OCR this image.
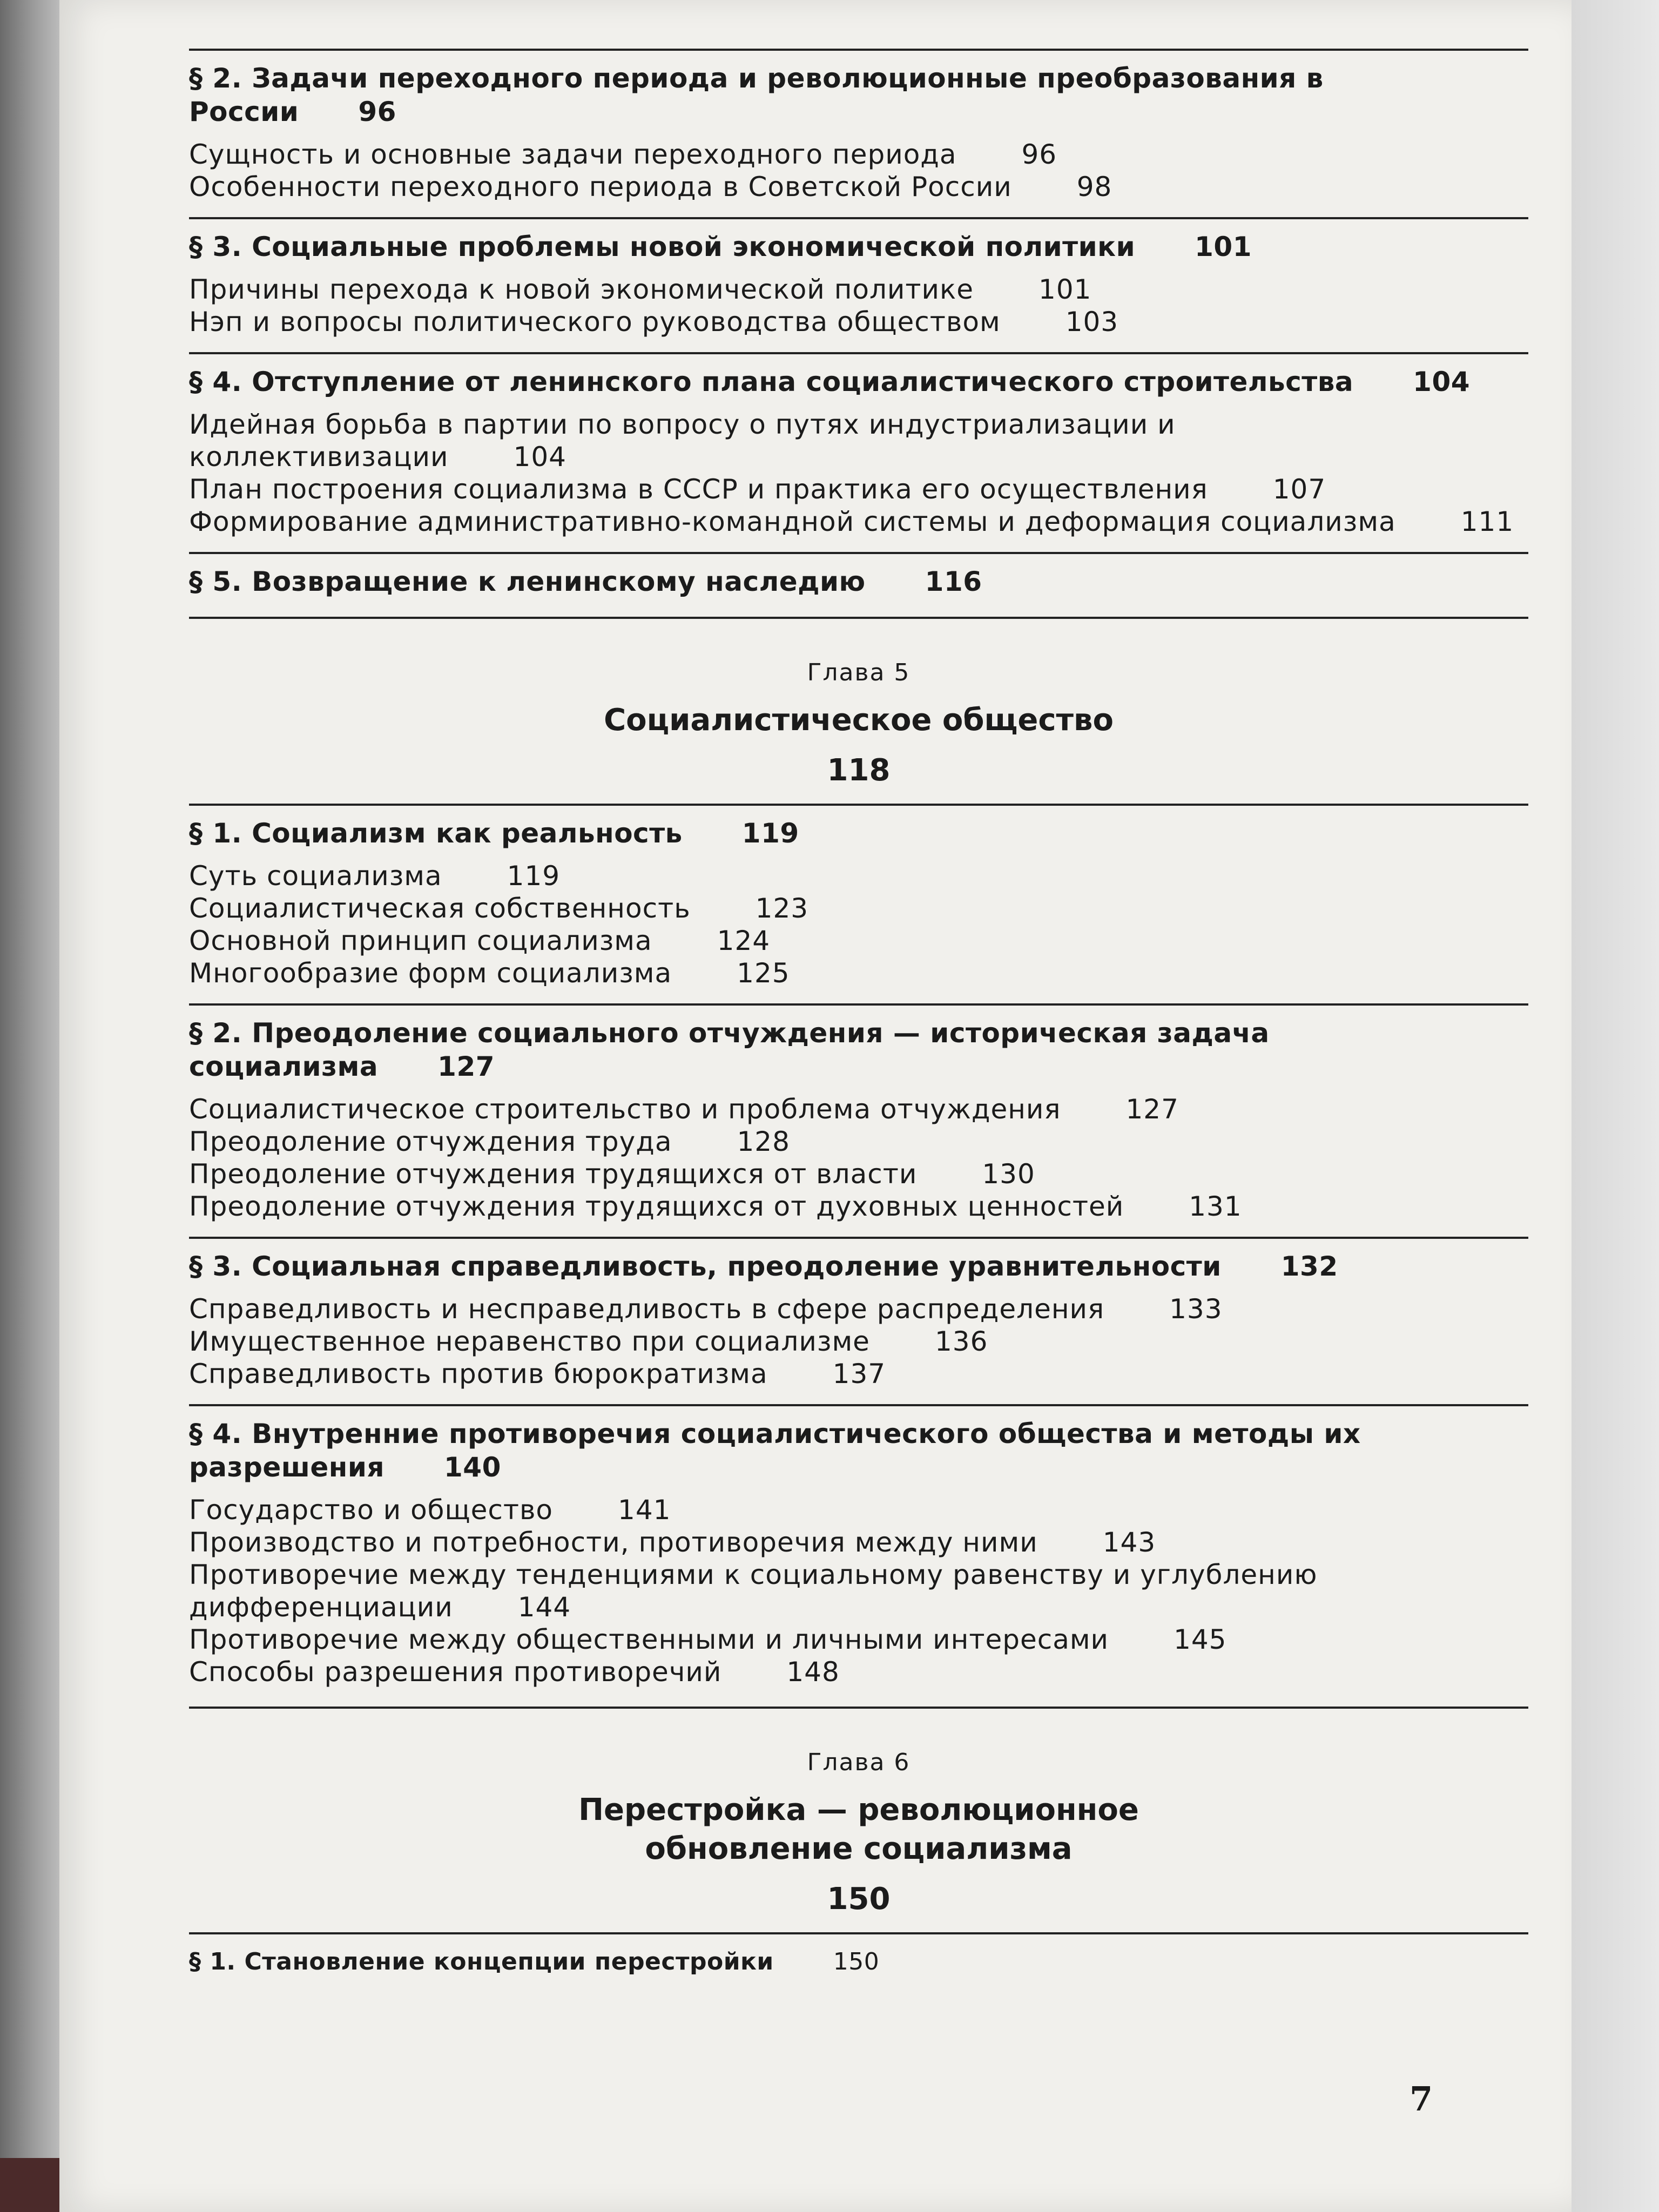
§ 2. Задачи переходного периода и революционные преобразования в России 96

Сущность и основные задачи переходного периода 96

Особенности переходного периода в Советской России 98

§ 3. Социальные проблемы новой экономической политики 101

Причины перехода к новой экономической политике 101

Нэп и вопросы политического руководства обществом 103

§ 4. Отступление от ленинского плана социалистического строительства 104

Идейная борьба в партии по вопросу о путях индустриализации и коллективизации 104

План построения социализма в СССР и практика его осуществления 107

Формирование административно-командной системы и деформация социализма 111

§ 5. Возвращение к ленинскому наследию 116

Глава 5
Социалистическое общество
118

§ 1. Социализм как реальность 119

Суть социализма 119

Социалистическая собственность 123

Основной принцип социализма 124

Многообразие форм социализма 125

§ 2. Преодоление социального отчуждения — историческая задача социализма 127

Социалистическое строительство и проблема отчуждения 127

Преодоление отчуждения труда 128

Преодоление отчуждения трудящихся от власти 130

Преодоление отчуждения трудящихся от духовных ценностей 131

§ 3. Социальная справедливость, преодоление уравнительности 132

Справедливость и несправедливость в сфере распределения 133

Имущественное неравенство при социализме 136

Справедливость против бюрократизма 137

§ 4. Внутренние противоречия социалистического общества и методы их разрешения 140

Государство и общество 141

Производство и потребности, противоречия между ними 143

Противоречие между тенденциями к социальному равенству и углублению дифференциации 144

Противоречие между общественными и личными интересами 145

Способы разрешения противоречий 148

Глава 6
Перестройка — революционное обновление социализма
150

§ 1. Становление концепции перестройки	150

7
